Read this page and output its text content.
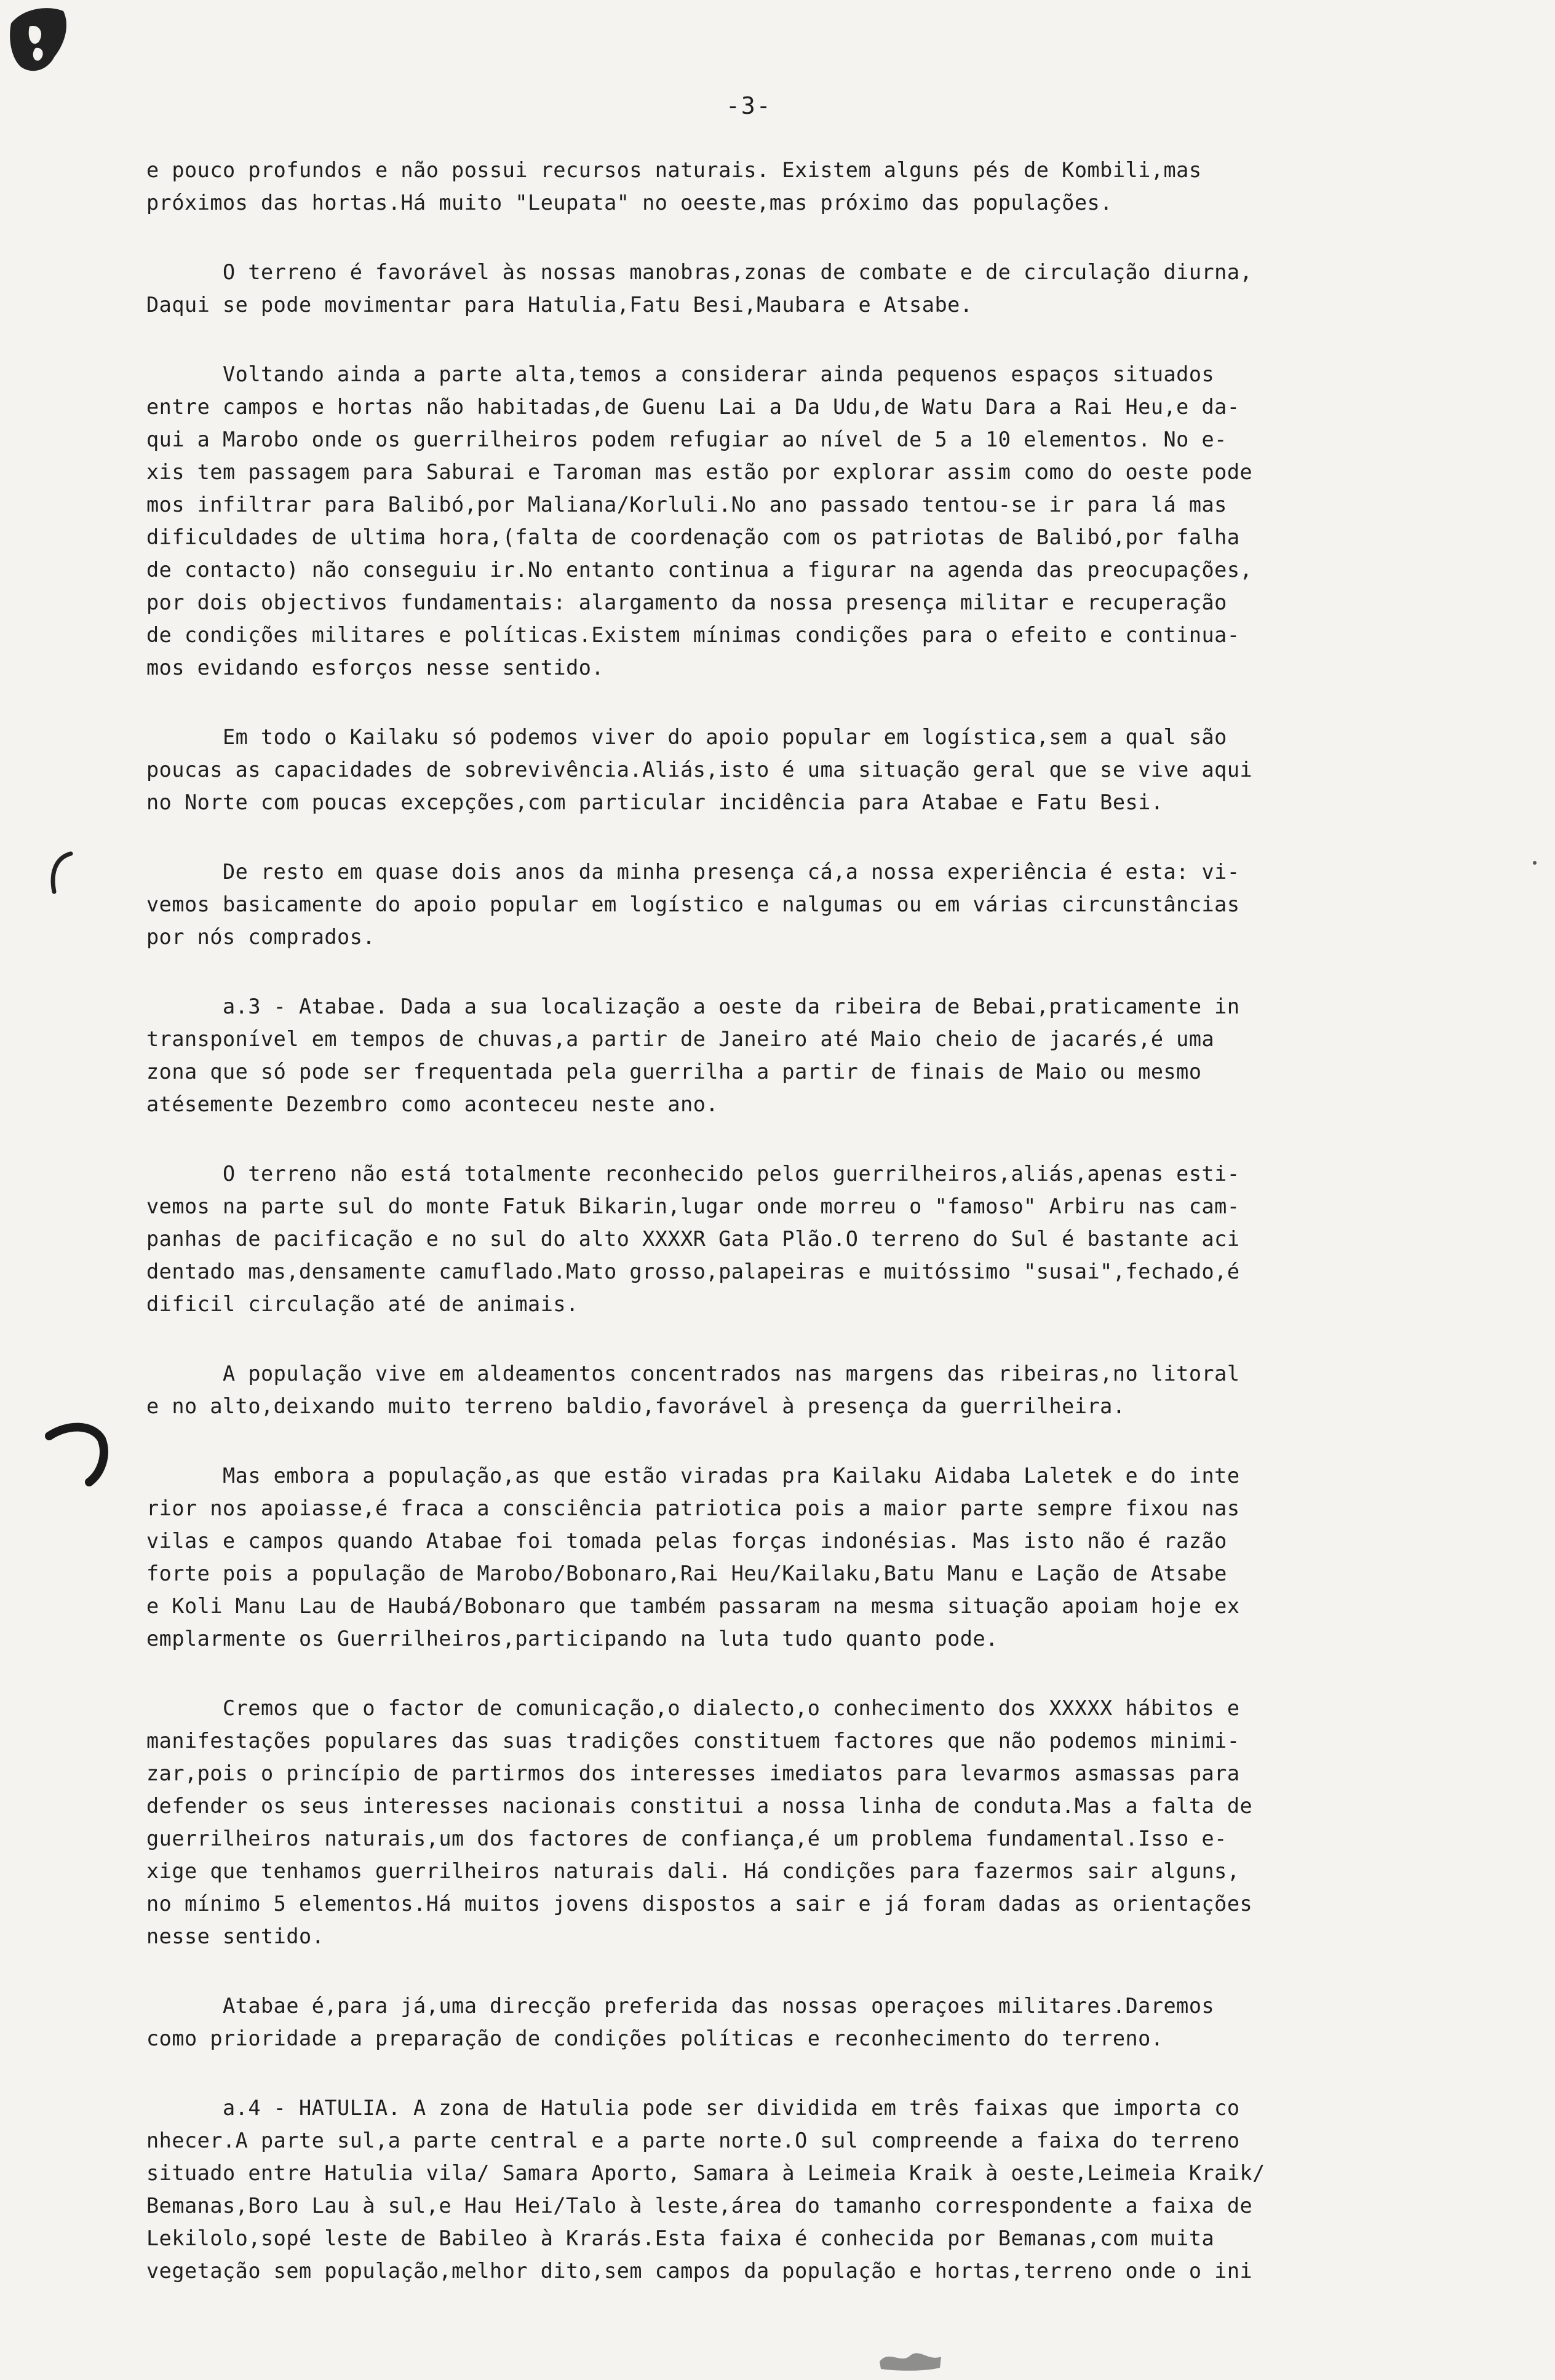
-3-
e pouco profundos e não possui recursos naturais. Existem alguns pés de Kombili,mas
próximos das hortas.Há muito "Leupata" no oeeste,mas próximo das populações.
O terreno é favorável às nossas manobras,zonas de combate e de circulação diurna,
Daqui se pode movimentar para Hatulia,Fatu Besi,Maubara e Atsabe.
Voltando ainda a parte alta,temos a considerar ainda pequenos espaços situados
entre campos e hortas não habitadas,de Guenu Lai a Da Udu,de Watu Dara a Rai Heu,e da-
qui a Marobo onde os guerrilheiros podem refugiar ao nível de 5 a 10 elementos. No e-
xis tem passagem para Saburai e Taroman mas estão por explorar assim como do oeste pode
mos infiltrar para Balibó,por Maliana/Korluli.No ano passado tentou-se ir para lá mas
dificuldades de ultima hora,(falta de coordenação com os patriotas de Balibó,por falha
de contacto) não conseguiu ir.No entanto continua a figurar na agenda das preocupações,
por dois objectivos fundamentais: alargamento da nossa presença militar e recuperação
de condições militares e políticas.Existem mínimas condições para o efeito e continua-
mos evidando esforços nesse sentido.
Em todo o Kailaku só podemos viver do apoio popular em logística,sem a qual são
poucas as capacidades de sobrevivência.Aliás,isto é uma situação geral que se vive aqui
no Norte com poucas excepções,com particular incidência para Atabae e Fatu Besi.
De resto em quase dois anos da minha presença cá,a nossa experiência é esta: vi-
vemos basicamente do apoio popular em logístico e nalgumas ou em várias circunstâncias
por nós comprados.
a.3 - Atabae. Dada a sua localização a oeste da ribeira de Bebai,praticamente in
transponível em tempos de chuvas,a partir de Janeiro até Maio cheio de jacarés,é uma
zona que só pode ser frequentada pela guerrilha a partir de finais de Maio ou mesmo
atésemente Dezembro como aconteceu neste ano.
O terreno não está totalmente reconhecido pelos guerrilheiros,aliás,apenas esti-
vemos na parte sul do monte Fatuk Bikarin,lugar onde morreu o "famoso" Arbiru nas cam-
panhas de pacificação e no sul do alto XXXXR Gata Plão.O terreno do Sul é bastante aci
dentado mas,densamente camuflado.Mato grosso,palapeiras e muitóssimo "susai",fechado,é
dificil circulação até de animais.
A população vive em aldeamentos concentrados nas margens das ribeiras,no litoral
e no alto,deixando muito terreno baldio,favorável à presença da guerrilheira.
Mas embora a população,as que estão viradas pra Kailaku Aidaba Laletek e do inte
rior nos apoiasse,é fraca a consciência patriotica pois a maior parte sempre fixou nas
vilas e campos quando Atabae foi tomada pelas forças indonésias. Mas isto não é razão
forte pois a população de Marobo/Bobonaro,Rai Heu/Kailaku,Batu Manu e Lação de Atsabe
e Koli Manu Lau de Haubá/Bobonaro que também passaram na mesma situação apoiam hoje ex
emplarmente os Guerrilheiros,participando na luta tudo quanto pode.
Cremos que o factor de comunicação,o dialecto,o conhecimento dos XXXXX hábitos e
manifestações populares das suas tradições constituem factores que não podemos minimi-
zar,pois o princípio de partirmos dos interesses imediatos para levarmos asmassas para
defender os seus interesses nacionais constitui a nossa linha de conduta.Mas a falta de
guerrilheiros naturais,um dos factores de confiança,é um problema fundamental.Isso e-
xige que tenhamos guerrilheiros naturais dali. Há condições para fazermos sair alguns,
no mínimo 5 elementos.Há muitos jovens dispostos a sair e já foram dadas as orientações
nesse sentido.
Atabae é,para já,uma direcção preferida das nossas operaçoes militares.Daremos
como prioridade a preparação de condições políticas e reconhecimento do terreno.
a.4 - HATULIA. A zona de Hatulia pode ser dividida em três faixas que importa co
nhecer.A parte sul,a parte central e a parte norte.O sul compreende a faixa do terreno
situado entre Hatulia vila/ Samara Aporto, Samara à Leimeia Kraik à oeste,Leimeia Kraik/
Bemanas,Boro Lau à sul,e Hau Hei/Talo à leste,área do tamanho correspondente a faixa de
Lekilolo,sopé leste de Babileo à Krarás.Esta faixa é conhecida por Bemanas,com muita
vegetação sem população,melhor dito,sem campos da população e hortas,terreno onde o ini
